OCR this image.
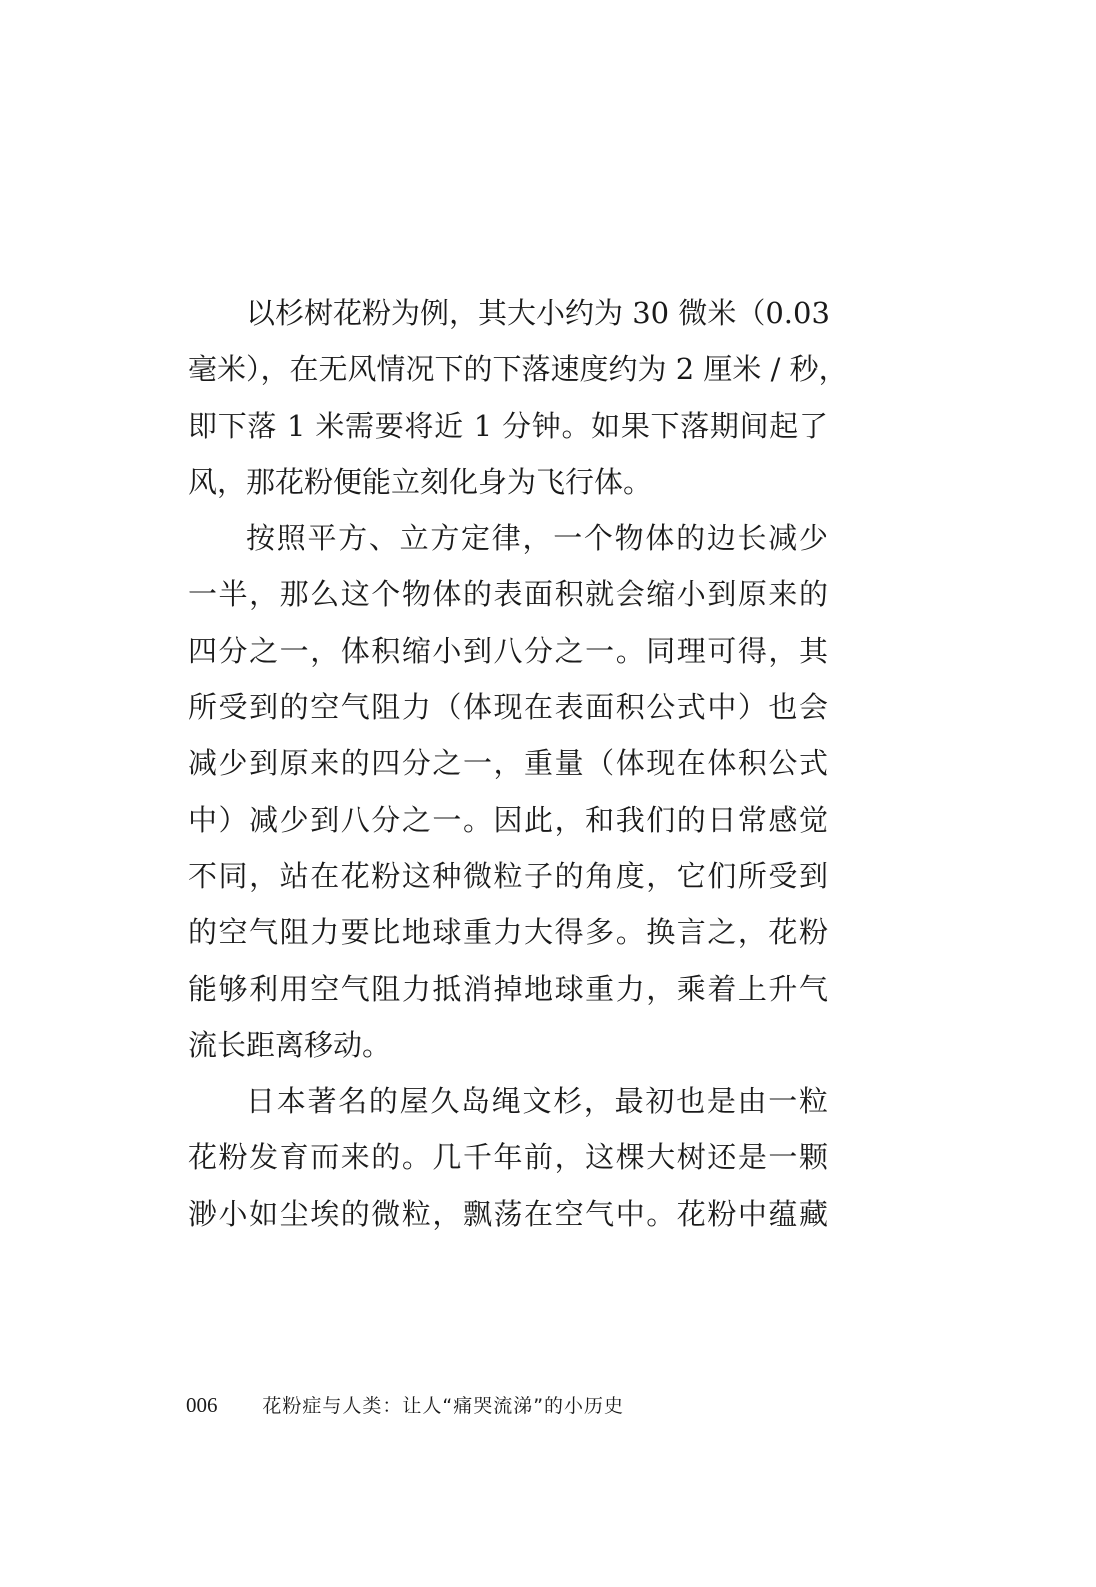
以杉树花粉为例，其大小约为 30 微米（0.03
毫米），在无风情况下的下落速度约为 2 厘米 / 秒，
即下落 1 米需要将近 1 分钟。如果下落期间起了
风，那花粉便能立刻化身为飞行体。
按照平方、立方定律，一个物体的边长减少
一半，那么这个物体的表面积就会缩小到原来的
四分之一，体积缩小到八分之一。同理可得，其
所受到的空气阻力（体现在表面积公式中）也会
减少到原来的四分之一，重量（体现在体积公式
中）减少到八分之一。因此，和我们的日常感觉
不同，站在花粉这种微粒子的角度，它们所受到
的空气阻力要比地球重力大得多。换言之，花粉
能够利用空气阻力抵消掉地球重力，乘着上升气
流长距离移动。
日本著名的屋久岛绳文杉，最初也是由一粒
花粉发育而来的。几千年前，这棵大树还是一颗
渺小如尘埃的微粒，飘荡在空气中。花粉中蕴藏
006 花粉症与人类：让人“痛哭流涕”的小历史
